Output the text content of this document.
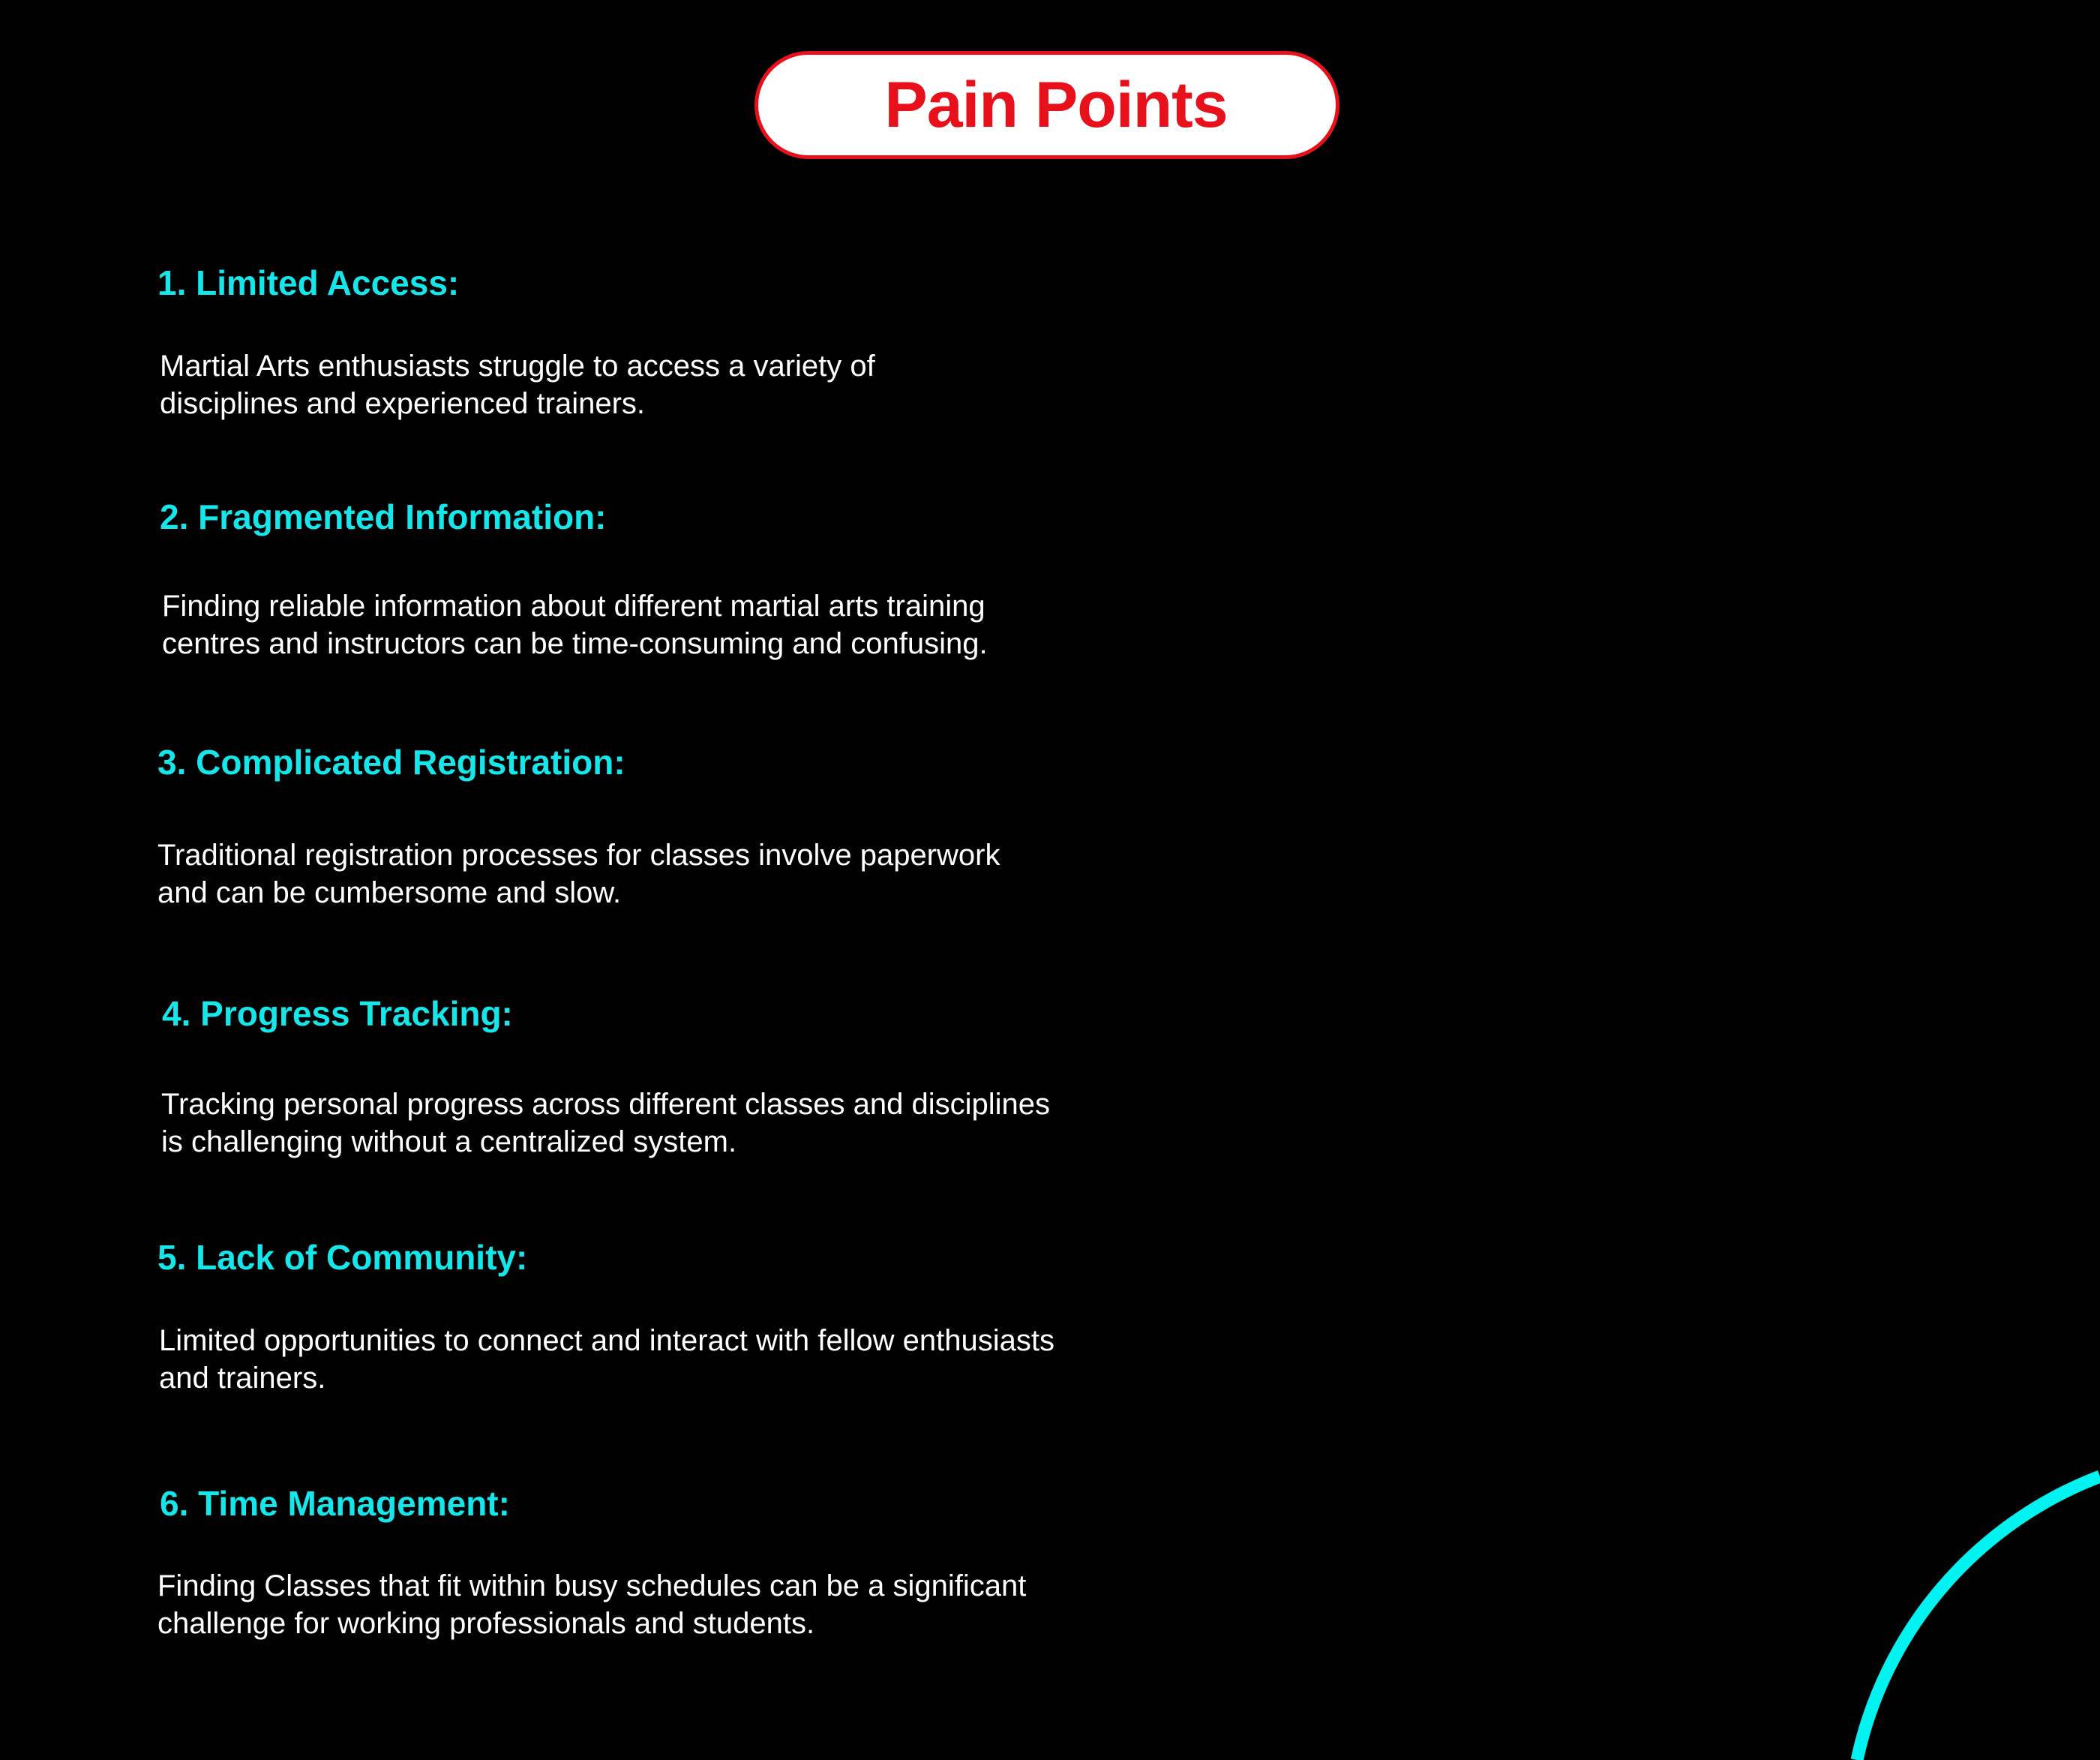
Pain Points
1. Limited Access:
Martial Arts enthusiasts struggle to access a variety of
disciplines and experienced trainers.
2. Fragmented Information:
Finding reliable information about different martial arts training
centres and instructors can be time-consuming and confusing.
3. Complicated Registration:
Traditional registration processes for classes involve paperwork
and can be cumbersome and slow.
4. Progress Tracking:
Tracking personal progress across different classes and disciplines
is challenging without a centralized system.
5. Lack of Community:
Limited opportunities to connect and interact with fellow enthusiasts
and trainers.
6. Time Management:
Finding Classes that fit within busy schedules can be a significant
challenge for working professionals and students.
